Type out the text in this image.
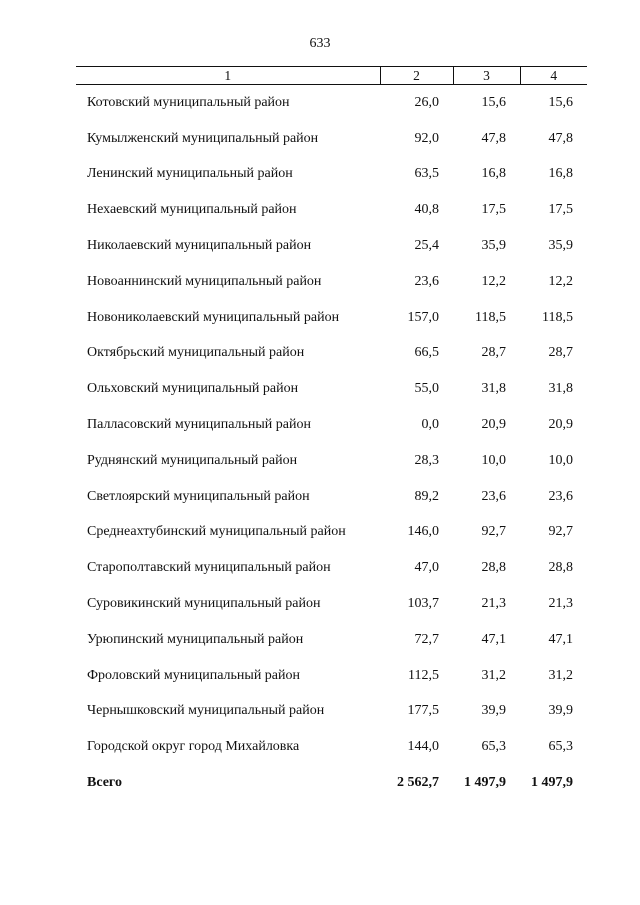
633
1	2	3	4
Котовский муниципальный район	26,0	15,6	15,6
Кумылженский муниципальный район	92,0	47,8	47,8
Ленинский муниципальный район	63,5	16,8	16,8
Нехаевский муниципальный район	40,8	17,5	17,5
Николаевский муниципальный район	25,4	35,9	35,9
Новоаннинский муниципальный район	23,6	12,2	12,2
Новониколаевский муниципальный район	157,0	118,5	118,5
Октябрьский муниципальный район	66,5	28,7	28,7
Ольховский муниципальный район	55,0	31,8	31,8
Палласовский муниципальный район	0,0	20,9	20,9
Руднянский муниципальный район	28,3	10,0	10,0
Светлоярский муниципальный район	89,2	23,6	23,6
Среднеахтубинский муниципальный район	146,0	92,7	92,7
Старополтавский муниципальный район	47,0	28,8	28,8
Суровикинский муниципальный район	103,7	21,3	21,3
Урюпинский муниципальный район	72,7	47,1	47,1
Фроловский муниципальный район	112,5	31,2	31,2
Чернышковский муниципальный район	177,5	39,9	39,9
Городской округ город Михайловка	144,0	65,3	65,3
Всего	2 562,7	1 497,9	1 497,9
